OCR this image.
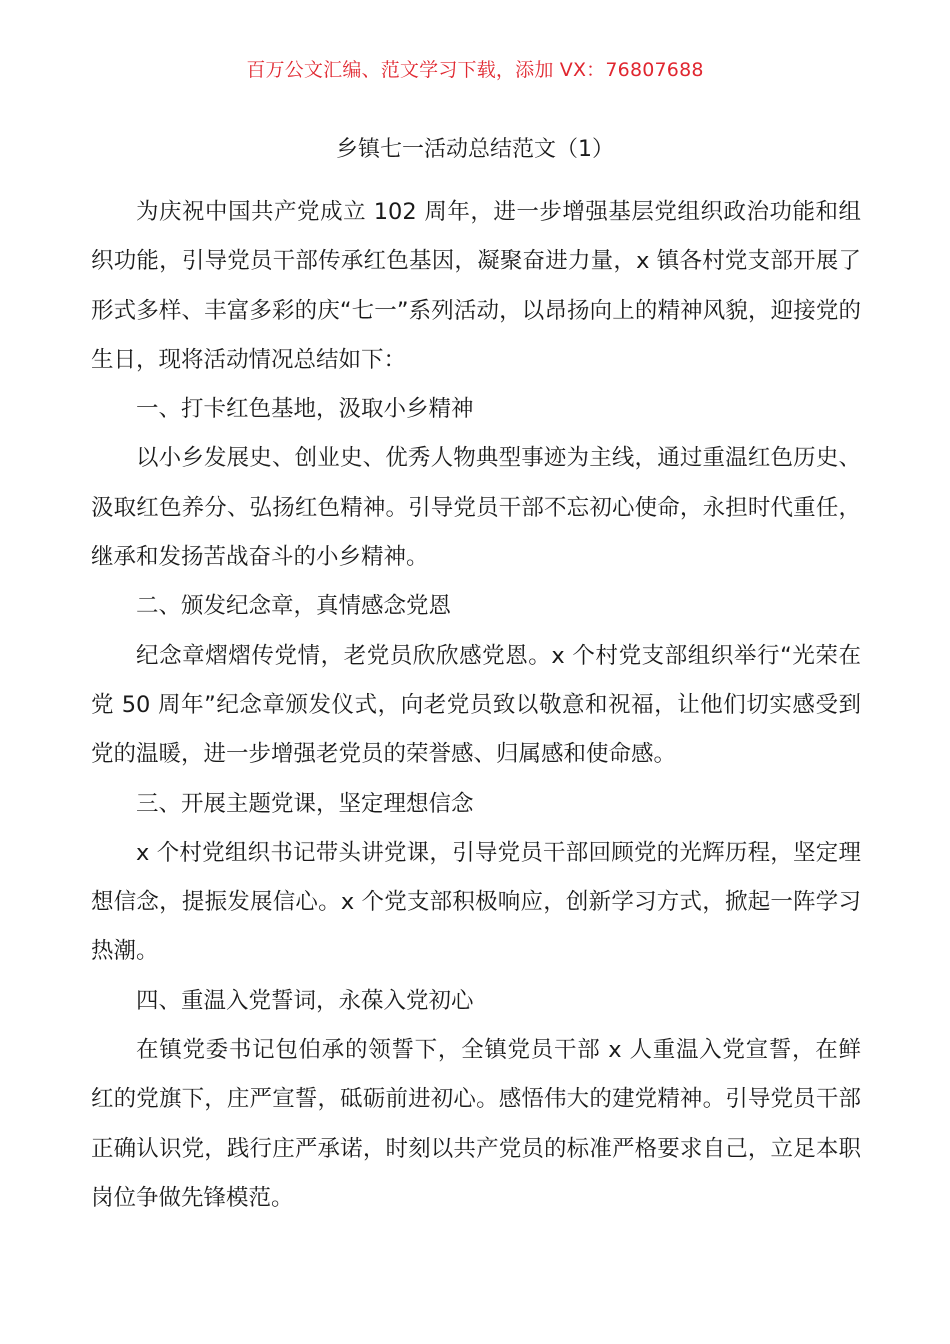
百万公文汇编、范文学习下载，添加 VX：76807688
乡镇七一活动总结范文（1）

为庆祝中国共产党成立 102 周年，进一步增强基层党组织政治功能和组织功能，引导党员干部传承红色基因，凝聚奋进力量，x 镇各村党支部开展了形式多样、丰富多彩的庆“七一”系列活动，以昂扬向上的精神风貌，迎接党的生日，现将活动情况总结如下：

一、打卡红色基地，汲取小乡精神

以小乡发展史、创业史、优秀人物典型事迹为主线，通过重温红色历史、汲取红色养分、弘扬红色精神。引导党员干部不忘初心使命，永担时代重任，继承和发扬苦战奋斗的小乡精神。

二、颁发纪念章，真情感念党恩

纪念章熠熠传党情，老党员欣欣感党恩。x 个村党支部组织举行“光荣在党 50 周年”纪念章颁发仪式，向老党员致以敬意和祝福，让他们切实感受到党的温暖，进一步增强老党员的荣誉感、归属感和使命感。

三、开展主题党课，坚定理想信念

x 个村党组织书记带头讲党课，引导党员干部回顾党的光辉历程，坚定理想信念，提振发展信心。x 个党支部积极响应，创新学习方式，掀起一阵学习热潮。

四、重温入党誓词，永葆入党初心

在镇党委书记包伯承的领誓下，全镇党员干部 x 人重温入党宣誓，在鲜红的党旗下，庄严宣誓，砥砺前进初心。感悟伟大的建党精神。引导党员干部正确认识党，践行庄严承诺，时刻以共产党员的标准严格要求自己，立足本职岗位争做先锋模范。
